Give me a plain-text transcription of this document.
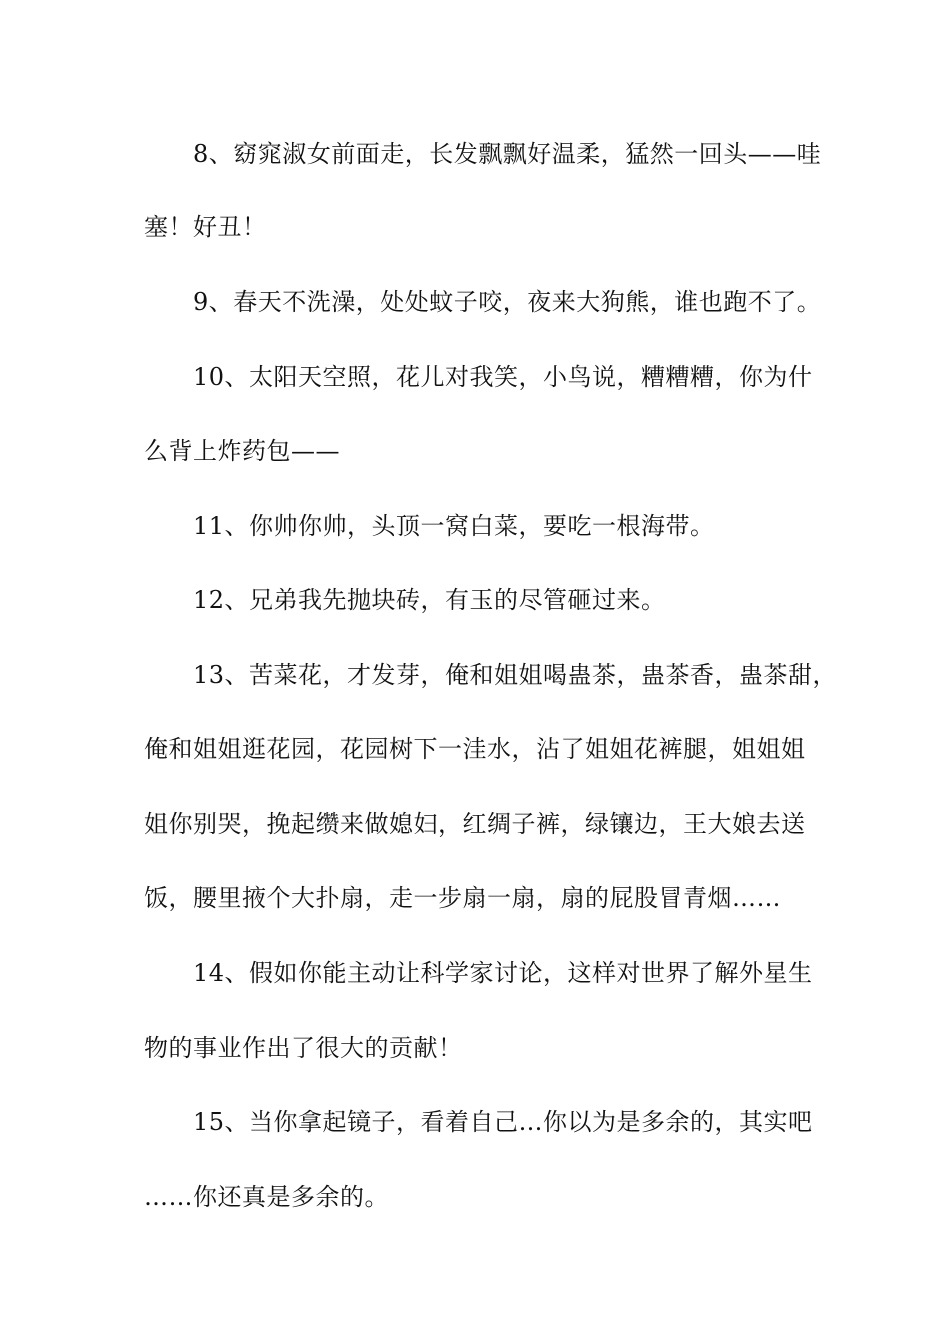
8、窈窕淑女前面走，长发飘飘好温柔，猛然一回头——哇
塞！好丑！
9、春天不洗澡，处处蚊子咬，夜来大狗熊，谁也跑不了。
10、太阳天空照，花儿对我笑，小鸟说，糟糟糟，你为什
么背上炸药包——
11、你帅你帅，头顶一窝白菜，要吃一根海带。
12、兄弟我先抛块砖，有玉的尽管砸过来。
13、苦菜花，才发芽，俺和姐姐喝蛊茶，蛊茶香，蛊茶甜，
俺和姐姐逛花园，花园树下一洼水，沾了姐姐花裤腿，姐姐姐
姐你别哭，挽起缵来做媳妇，红绸子裤，绿镶边，王大娘去送
饭，腰里掖个大扑扇，走一步扇一扇，扇的屁股冒青烟……
14、假如你能主动让科学家讨论，这样对世界了解外星生
物的事业作出了很大的贡献！
15、当你拿起镜子，看着自己…你以为是多余的，其实吧
……你还真是多余的。
